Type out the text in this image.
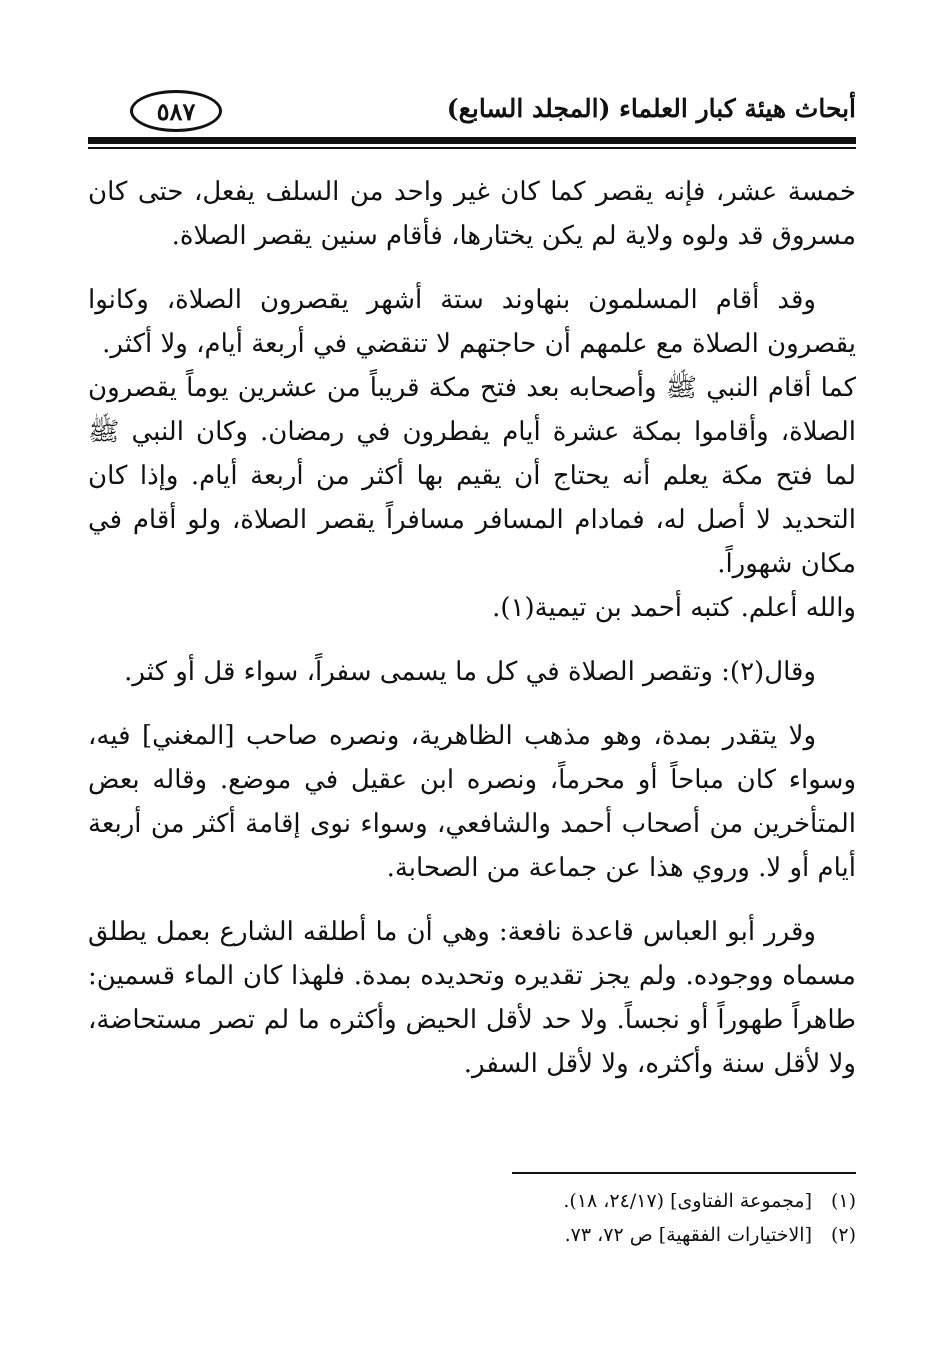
٥٨٧	أبحاث هيئة كبار العلماء (المجلد السابع)

خمسة عشر، فإنه يقصر كما كان غير واحد من السلف يفعل، حتى كان مسروق قد ولوه ولاية لم يكن يختارها، فأقام سنين يقصر الصلاة.

وقد أقام المسلمون بنهاوند ستة أشهر يقصرون الصلاة، وكانوا يقصرون الصلاة مع علمهم أن حاجتهم لا تنقضي في أربعة أيام، ولا أكثر.

كما أقام النبي ﷺ وأصحابه بعد فتح مكة قريباً من عشرين يوماً يقصرون الصلاة، وأقاموا بمكة عشرة أيام يفطرون في رمضان. وكان النبي ﷺ لما فتح مكة يعلم أنه يحتاج أن يقيم بها أكثر من أربعة أيام. وإذا كان التحديد لا أصل له، فمادام المسافر مسافراً يقصر الصلاة، ولو أقام في مكان شهوراً.

والله أعلم. كتبه أحمد بن تيمية(١).

وقال(٢): وتقصر الصلاة في كل ما يسمى سفراً، سواء قل أو كثر.

ولا يتقدر بمدة، وهو مذهب الظاهرية، ونصره صاحب [المغني] فيه، وسواء كان مباحاً أو محرماً، ونصره ابن عقيل في موضع. وقاله بعض المتأخرين من أصحاب أحمد والشافعي، وسواء نوى إقامة أكثر من أربعة أيام أو لا. وروي هذا عن جماعة من الصحابة.

وقرر أبو العباس قاعدة نافعة: وهي أن ما أطلقه الشارع بعمل يطلق مسماه ووجوده. ولم يجز تقديره وتحديده بمدة. فلهذا كان الماء قسمين: طاهراً طهوراً أو نجساً. ولا حد لأقل الحيض وأكثره ما لم تصر مستحاضة، ولا لأقل سنة وأكثره، ولا لأقل السفر.

(١)
[مجموعة الفتاوى] (٢٤/١٧، ١٨).
(٢)
[الاختيارات الفقهية] ص ٧٢، ٧٣.
